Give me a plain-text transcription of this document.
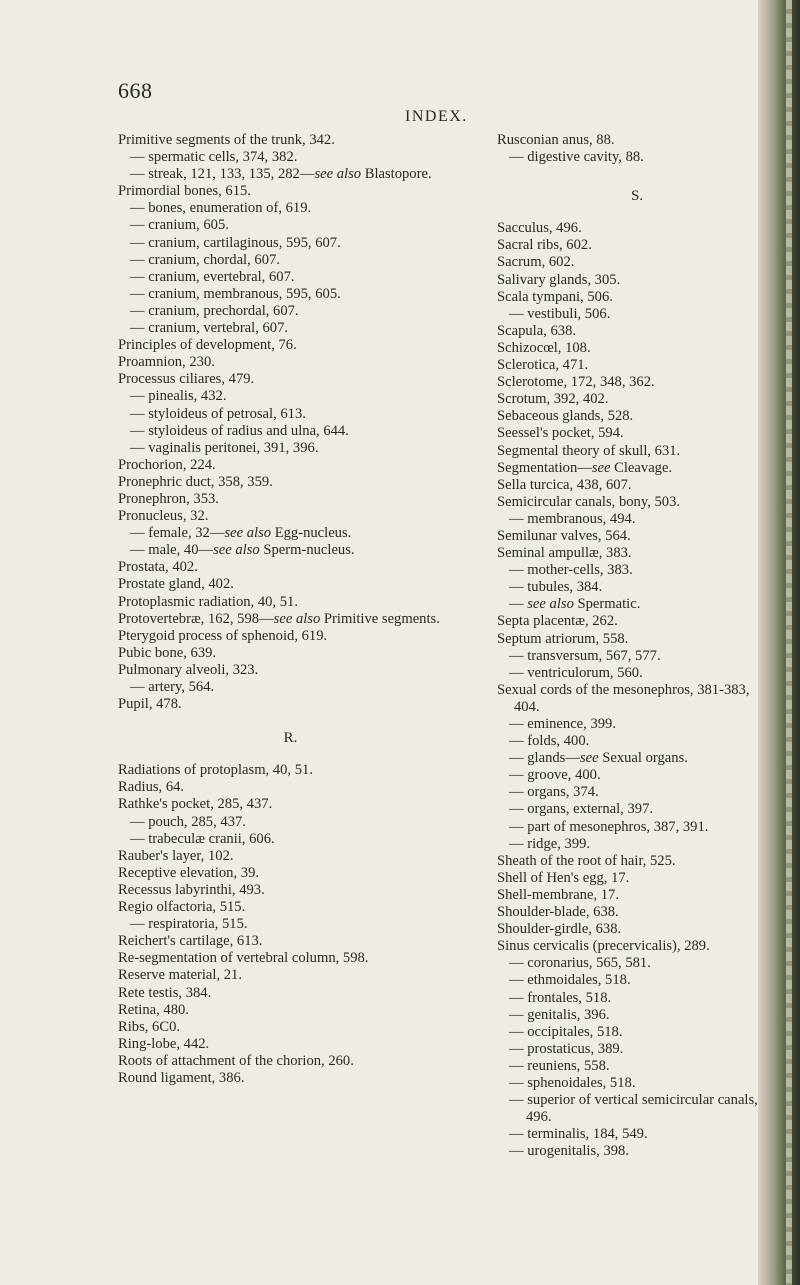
668
INDEX.
Primitive segments of the trunk, 342.
— spermatic cells, 374, 382.
— streak, 121, 133, 135, 282—see also Blastopore.
Primordial bones, 615.
— bones, enumeration of, 619.
— cranium, 605.
— cranium, cartilaginous, 595, 607.
— cranium, chordal, 607.
— cranium, evertebral, 607.
— cranium, membranous, 595, 605.
— cranium, prechordal, 607.
— cranium, vertebral, 607.
Principles of development, 76.
Proamnion, 230.
Processus ciliares, 479.
— pinealis, 432.
— styloideus of petrosal, 613.
— styloideus of radius and ulna, 644.
— vaginalis peritonei, 391, 396.
Prochorion, 224.
Pronephric duct, 358, 359.
Pronephron, 353.
Pronucleus, 32.
— female, 32—see also Egg-nucleus.
— male, 40—see also Sperm-nucleus.
Prostata, 402.
Prostate gland, 402.
Protoplasmic radiation, 40, 51.
Protovertebræ, 162, 598—see also Primitive segments.
Pterygoid process of sphenoid, 619.
Pubic bone, 639.
Pulmonary alveoli, 323.
— artery, 564.
Pupil, 478.
R.
Radiations of protoplasm, 40, 51.
Radius, 64.
Rathke's pocket, 285, 437.
— pouch, 285, 437.
— trabeculæ cranii, 606.
Rauber's layer, 102.
Receptive elevation, 39.
Recessus labyrinthi, 493.
Regio olfactoria, 515.
— respiratoria, 515.
Reichert's cartilage, 613.
Re-segmentation of vertebral column, 598.
Reserve material, 21.
Rete testis, 384.
Retina, 480.
Ribs, 6C0.
Ring-lobe, 442.
Roots of attachment of the chorion, 260.
Round ligament, 386.
Rusconian anus, 88.
— digestive cavity, 88.
S.
Sacculus, 496.
Sacral ribs, 602.
Sacrum, 602.
Salivary glands, 305.
Scala tympani, 506.
— vestibuli, 506.
Scapula, 638.
Schizocœl, 108.
Sclerotica, 471.
Sclerotome, 172, 348, 362.
Scrotum, 392, 402.
Sebaceous glands, 528.
Seessel's pocket, 594.
Segmental theory of skull, 631.
Segmentation—see Cleavage.
Sella turcica, 438, 607.
Semicircular canals, bony, 503.
— membranous, 494.
Semilunar valves, 564.
Seminal ampullæ, 383.
— mother-cells, 383.
— tubules, 384.
— see also Spermatic.
Septa placentæ, 262.
Septum atriorum, 558.
— transversum, 567, 577.
— ventriculorum, 560.
Sexual cords of the mesonephros, 381-383, 404.
— eminence, 399.
— folds, 400.
— glands—see Sexual organs.
— groove, 400.
— organs, 374.
— organs, external, 397.
— part of mesonephros, 387, 391.
— ridge, 399.
Sheath of the root of hair, 525.
Shell of Hen's egg, 17.
Shell-membrane, 17.
Shoulder-blade, 638.
Shoulder-girdle, 638.
Sinus cervicalis (precervicalis), 289.
— coronarius, 565, 581.
— ethmoidales, 518.
— frontales, 518.
— genitalis, 396.
— occipitales, 518.
— prostaticus, 389.
— reuniens, 558.
— sphenoidales, 518.
— superior of vertical semicircular canals, 496.
— terminalis, 184, 549.
— urogenitalis, 398.
